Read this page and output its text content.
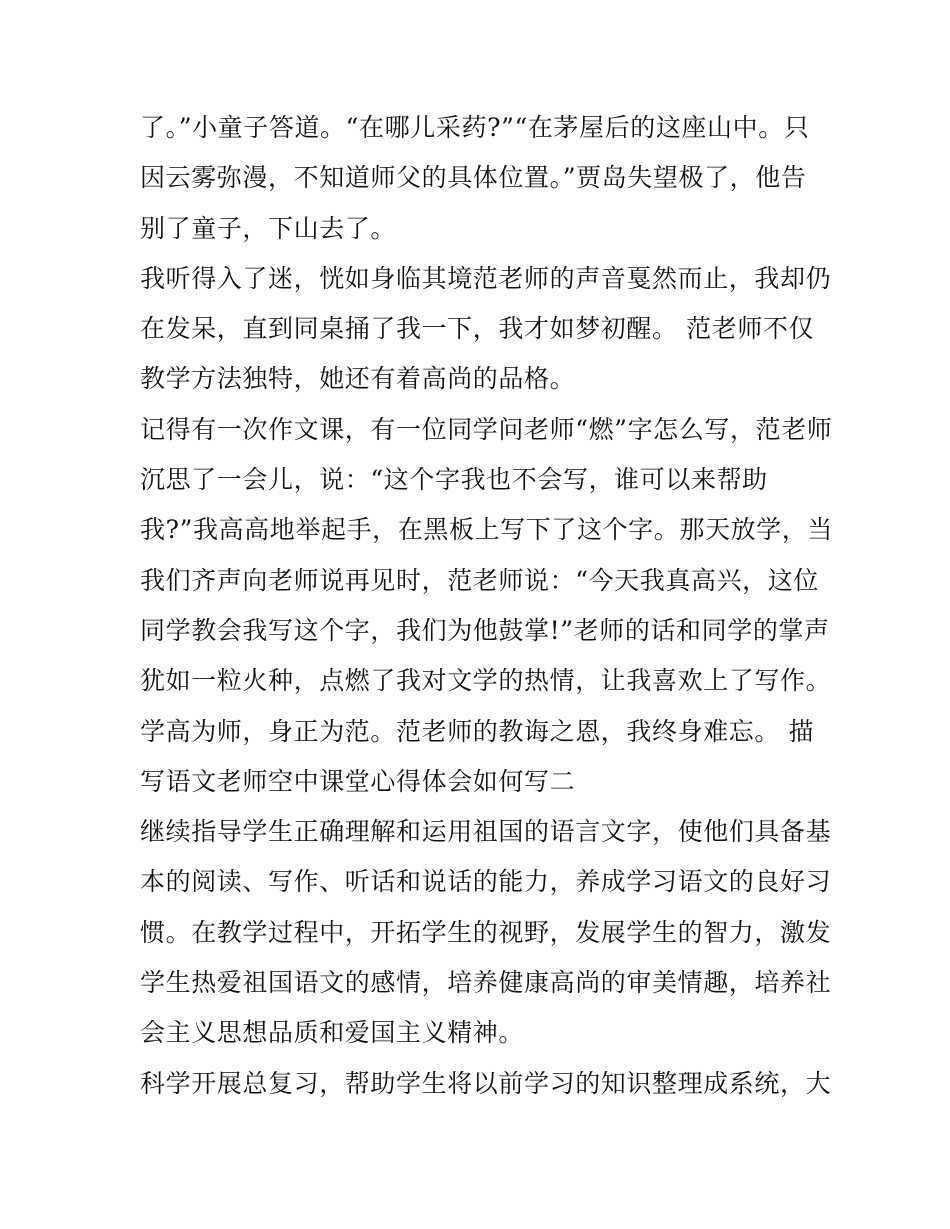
了。”小童子答道。“在哪儿采药?”“在茅屋后的这座山中。只
因云雾弥漫，不知道师父的具体位置。”贾岛失望极了，他告
别了童子，下山去了。
我听得入了迷，恍如身临其境范老师的声音戛然而止，我却仍
在发呆，直到同桌捅了我一下，我才如梦初醒。 范老师不仅
教学方法独特，她还有着高尚的品格。
记得有一次作文课，有一位同学问老师“燃”字怎么写，范老师
沉思了一会儿，说：“这个字我也不会写，谁可以来帮助
我?”我高高地举起手，在黑板上写下了这个字。那天放学，当
我们齐声向老师说再见时，范老师说：“今天我真高兴，这位
同学教会我写这个字，我们为他鼓掌!”老师的话和同学的掌声
犹如一粒火种，点燃了我对文学的热情，让我喜欢上了写作。
学高为师，身正为范。范老师的教诲之恩，我终身难忘。 描
写语文老师空中课堂心得体会如何写二
继续指导学生正确理解和运用祖国的语言文字，使他们具备基
本的阅读、写作、听话和说话的能力，养成学习语文的良好习
惯。在教学过程中，开拓学生的视野，发展学生的智力，激发
学生热爱祖国语文的感情，培养健康高尚的审美情趣，培养社
会主义思想品质和爱国主义精神。
科学开展总复习，帮助学生将以前学习的知识整理成系统，大
